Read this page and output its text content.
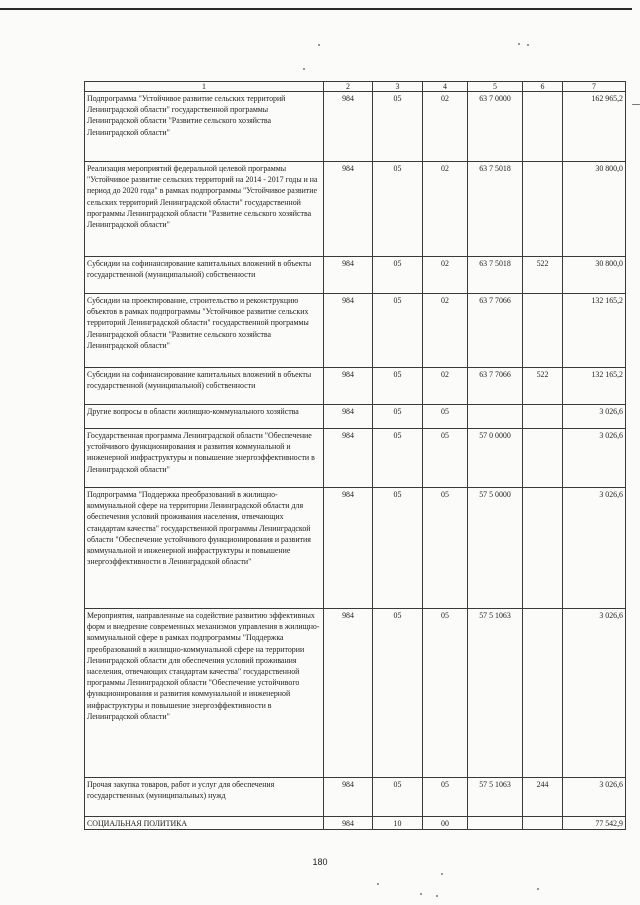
1	2	3	4	5	6	7
Подпрограмма "Устойчивое развитие сельских территорий Ленинградской области" государственной программы Ленинградской области "Развитие сельского хозяйства Ленинградской области"	984	05	02	63 7 0000		162 965,2
Реализация мероприятий федеральной целевой программы "Устойчивое развитие сельских территорий на 2014 - 2017 годы и на период до 2020 года" в рамках подпрограммы "Устойчивое развитие сельских территорий Ленинградской области" государственной программы Ленинградской области "Развитие сельского хозяйства Ленинградской области"	984	05	02	63 7 5018		30 800,0
Субсидии на софинансирование капитальных вложений в объекты государственной (муниципальной) собственности	984	05	02	63 7 5018	522	30 800,0
Субсидии на проектирование, строительство и реконструкцию объектов в рамках подпрограммы "Устойчивое развитие сельских территорий Ленинградской области" государственной программы Ленинградской области "Развитие сельского хозяйства Ленинградской области"	984	05	02	63 7 7066		132 165,2
Субсидии на софинансирование капитальных вложений в объекты государственной (муниципальной) собственности	984	05	02	63 7 7066	522	132 165,2
Другие вопросы в области жилищно-коммунального хозяйства	984	05	05			3 026,6
Государственная программа Ленинградской области "Обеспечение устойчивого функционирования и развития коммунальной и инженерной инфраструктуры и повышение энергоэффективности в Ленинградской области"	984	05	05	57 0 0000		3 026,6
Подпрограмма "Поддержка преобразований в жилищно-коммунальной сфере на территории Ленинградской области для обеспечения условий проживания населения, отвечающих стандартам качества" государственной программы Ленинградской области "Обеспечение устойчивого функционирования и развития коммунальной и инженерной инфраструктуры и повышение энергоэффективности в Ленинградской области"	984	05	05	57 5 0000		3 026,6
Мероприятия, направленные на содействие развитию эффективных форм и внедрение современных механизмов управления в жилищно-коммунальной сфере в рамках подпрограммы "Поддержка преобразований в жилищно-коммунальной сфере на территории Ленинградской области для обеспечения условий проживания населения, отвечающих стандартам качества" государственной программы Ленинградской области "Обеспечение устойчивого функционирования и развития коммунальной и инженерной инфраструктуры и повышение энергоэффективности в Ленинградской области"	984	05	05	57 5 1063		3 026,6
Прочая закупка товаров, работ и услуг для обеспечения государственных (муниципальных) нужд	984	05	05	57 5 1063	244	3 026,6
СОЦИАЛЬНАЯ ПОЛИТИКА	984	10	00			77 542,9
180
